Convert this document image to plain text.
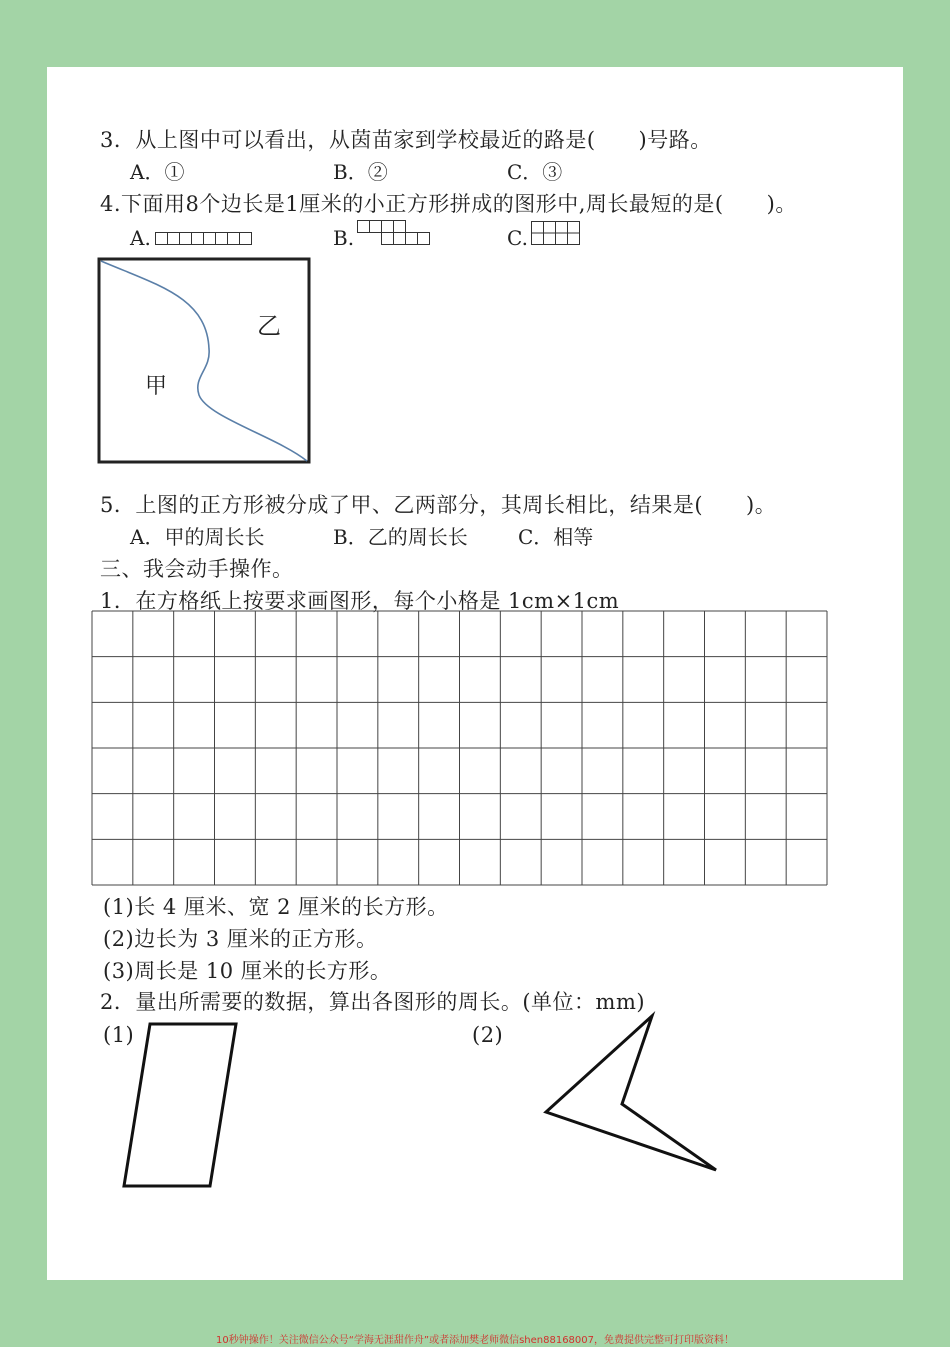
3．从上图中可以看出，从茵苗家到学校最近的路是(　　)号路。
A．①	B．②	C．③
4.下面用8个边长是1厘米的小正方形拼成的图形中,周长最短的是(　　)。
A.	B.	C.
乙
甲
5．上图的正方形被分成了甲、乙两部分，其周长相比，结果是(　　)。
A．甲的周长长	B．乙的周长长	C．相等
三、我会动手操作。
1．在方格纸上按要求画图形，每个小格是 1cm×1cm
(1)长 4 厘米、宽 2 厘米的长方形。
(2)边长为 3 厘米的正方形。
(3)周长是 10 厘米的长方形。
2．量出所需要的数据，算出各图形的周长。(单位：mm)
(1)	(2)
10秒钟操作！关注微信公众号“学海无涯甜作舟”或者添加樊老师微信shen88168007，免费提供完整可打印版资料！
